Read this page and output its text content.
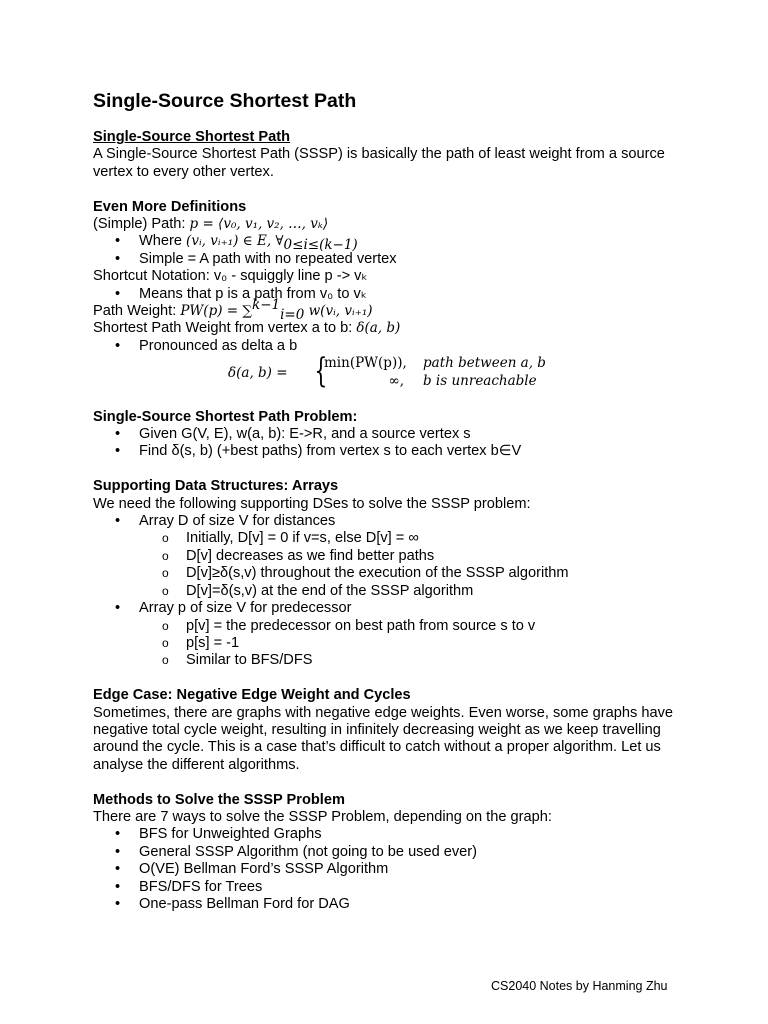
Single-Source Shortest Path
Single-Source Shortest Path
A Single-Source Shortest Path (SSSP) is basically the path of least weight from a source vertex to every other vertex.
Even More Definitions
(Simple) Path: p = ⟨v₀, v₁, v₂, …, vₖ⟩
• Where (vᵢ, vᵢ₊₁) ∈ E, $\forall_{0\le i\le(k-1)}$
• Simple = A path with no repeated vertex
Shortcut Notation: v₀ - squiggly line p -> vₖ
• Means that p is a path from v₀ to vₖ
Path Weight: PW(p) = ∑$^{k-1}_{i=0}$ w(vᵢ, vᵢ₊₁)
Shortest Path Weight from vertex a to b: δ(a, b)
• Pronounced as delta a b
δ(a, b) = {
min(PW(p)),
∞,
path between a, b
b is unreachable
Single-Source Shortest Path Problem:
• Given G(V, E), w(a, b): E->R, and a source vertex s
• Find δ(s, b) (+best paths) from vertex s to each vertex b∈V
Supporting Data Structures: Arrays
We need the following supporting DSes to solve the SSSP problem:
• Array D of size V for distances
o Initially, D[v] = 0 if v=s, else D[v] = ∞
o D[v] decreases as we find better paths
o D[v]≥δ(s,v) throughout the execution of the SSSP algorithm
o D[v]=δ(s,v) at the end of the SSSP algorithm
• Array p of size V for predecessor
o p[v] = the predecessor on best path from source s to v
o p[s] = -1
o Similar to BFS/DFS
Edge Case: Negative Edge Weight and Cycles
Sometimes, there are graphs with negative edge weights. Even worse, some graphs have negative total cycle weight, resulting in infinitely decreasing weight as we keep travelling around the cycle. This is a case that’s difficult to catch without a proper algorithm. Let us analyse the different algorithms.
Methods to Solve the SSSP Problem
There are 7 ways to solve the SSSP Problem, depending on the graph:
• BFS for Unweighted Graphs
• General SSSP Algorithm (not going to be used ever)
• O(VE) Bellman Ford’s SSSP Algorithm
• BFS/DFS for Trees
• One-pass Bellman Ford for DAG
CS2040 Notes by Hanming Zhu
